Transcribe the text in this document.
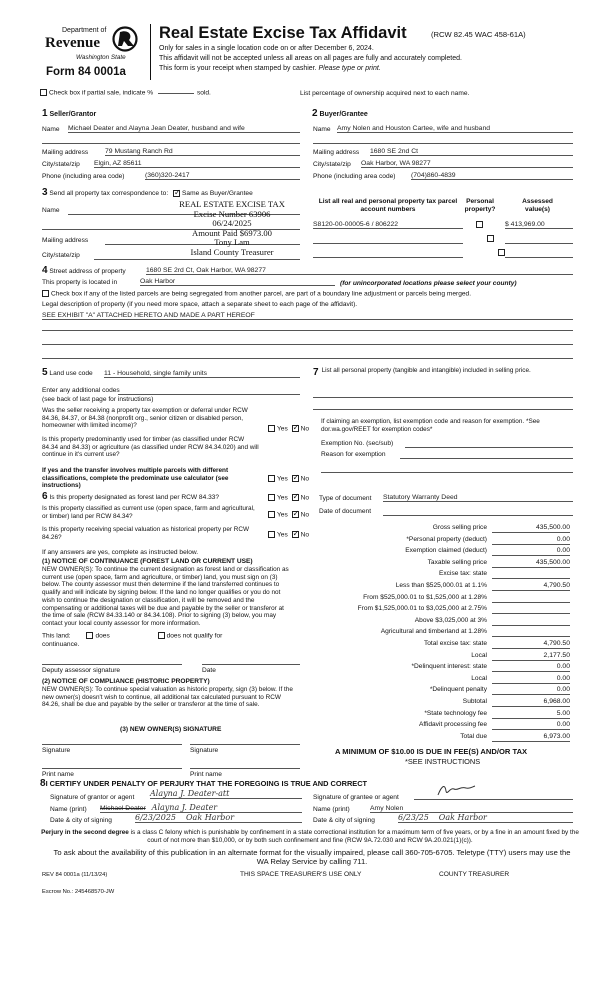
Department of
Revenue
Washington State
Form 84 0001a
Real Estate Excise Tax Affidavit	(RCW 82.45 WAC 458-61A)
Only for sales in a single location code on or after December 6, 2024.
This affidavit will not be accepted unless all areas on all pages are fully and accurately completed.
This form is your receipt when stamped by cashier. Please type or print.
Check box if partial sale, indicate %	sold.	List percentage of ownership acquired next to each name.
1 Seller/Grantor
Name Michael Deater and Alayna Jean Deater, husband and wife
Mailing address 79 Mustang Ranch Rd
City/state/zip Elgin, AZ 85611
Phone (including area code)	(360)320-2417
2 Buyer/Grantee
Name Amy Nolen and Houston Cartee, wife and husband
Mailing address 1680 SE 2nd Ct
City/state/zip Oak Harbor, WA 98277
Phone (including area code) (704)860-4839
3 Send all property tax correspondence to: ✓ Same as Buyer/Grantee
Name
Mailing address
City/state/zip
REAL ESTATE EXCISE TAX
Excise Number 63906
06/24/2025
Amount Paid $6973.00
Tony Lam
Island County Treasurer
List all real and personal property tax parcel account numbers
Personal property?
Assessed value(s)
S8120-00-00005-6 / 806222
	$ 413,969.00

4 Street address of property	1680 SE 2rd Ct, Oak Harbor, WA 98277
This property is located in	Oak Harbor	(for unincorporated locations please select your county)
Check box if any of the listed parcels are being segregated from another parcel, are part of a boundary line adjustment or parcels being merged.
Legal description of property (if you need more space, attach a separate sheet to each page of the affidavit).
SEE EXHIBIT "A" ATTACHED HERETO AND MADE A PART HEREOF
5 Land use code 11 - Household, single family units
Enter any additional codes
(see back of last page for instructions)
Was the seller receiving a property tax exemption or deferral under RCW 84.36, 84.37, or 84.38 (nonprofit org., senior citizen or disabled person, homeowner with limited income)?	Yes ✓ No
Is this property predominantly used for timber (as classified under RCW 84.34 and 84.33) or agriculture (as classified under RCW 84.34.020) and will continue in it's current use?
If yes and the transfer involves multiple parcels with different classifications, complete the predominate use calculator (see instructions)
Yes ✓ No
7 List all personal property (tangible and intangible) included in selling price.
If claiming an exemption, list exemption code and reason for exemption. *See dor.wa.gov/REET for exemption codes*
Exemption No. (sec/sub)
Reason for exemption
Type of document Statutory Warranty Deed
Date of document
6 Is this property designated as forest land per RCW 84.33?	Yes ✓ No
Is this property classified as current use (open space, farm and agricultural, or timber) land per RCW 84.34?	Yes ✓ No
Is this property receiving special valuation as historical property per RCW 84.26?	Yes ✓ No
If any answers are yes, complete as instructed below.
(1) NOTICE OF CONTINUANCE (FOREST LAND OR CURRENT USE)
NEW OWNER(S): To continue the current designation as forest land or classification as current use (open space, farm and agriculture, or timber) land, you must sign on (3) below. The county assessor must then determine if the land transferred continues to qualify and will indicate by signing below. If the land no longer qualifies or you do not wish to continue the designation or classification, it will be removed and the compensating or additional taxes will be due and payable by the seller or transferor at the time of sale (RCW 84.33.140 or 84.34.108). Prior to signing (3) below, you may contact your local county assessor for more information.
This land:	does	does not qualify for
continuance.
Deputy assessor signature	Date
(2) NOTICE OF COMPLIANCE (HISTORIC PROPERTY)
NEW OWNER(S): To continue special valuation as historic property, sign (3) below. If the new owner(s) doesn't wish to continue, all additional tax calculated pursuant to RCW 84.26, shall be due and payable by the seller or transferor at the time of sale.
(3) NEW OWNER(S) SIGNATURE
Signature	Signature
Print name	Print name
Gross selling price	435,500.00
*Personal property (deduct)	0.00
Exemption claimed (deduct)	0.00
Taxable selling price	435,500.00
Excise tax: state
Less than $525,000.01 at 1.1%	4,790.50
From $525,000.01 to $1,525,000 at 1.28%
From $1,525,000.01 to $3,025,000 at 2.75%
Above $3,025,000 at 3%
Agricultural and timberland at 1.28%
Total excise tax: state	4,790.50
Local	2,177.50
*Delinquent interest: state	0.00
Local	0.00
*Delinquent penalty	0.00
Subtotal	6,968.00
*State technology fee	5.00
Affidavit processing fee	0.00
Total due	6,973.00
A MINIMUM OF $10.00 IS DUE IN FEE(S) AND/OR TAX
*SEE INSTRUCTIONS
8I CERTIFY UNDER PENALTY OF PERJURY THAT THE FOREGOING IS TRUE AND CORRECT
Signature of grantor or agent Alayna J. Deater-att
Name (print) Michael Deater Alayna J. Deater
Date & city of signing	6/23/2025 Oak Harbor
Signature of grantee or agent
Name (print)	Amy Nolen
Date & city of signing	6/23/25 Oak Harbor
Perjury in the second degree is a class C felony which is punishable by confinement in a state correctional institution for a maximum term of five years, or by a fine in an amount fixed by the court of not more than $10,000, or by both such confinement and fine (RCW 9A.72.030 and RCW 9A.20.021(1)(c)).
To ask about the availability of this publication in an alternate format for the visually impaired, please call 360-705-6705. Teletype (TTY) users may use the WA Relay Service by calling 711.
REV 84 0001a (11/13/24)	THIS SPACE TREASURER'S USE ONLY	COUNTY TREASURER
Escrow No.: 245468570-JW
